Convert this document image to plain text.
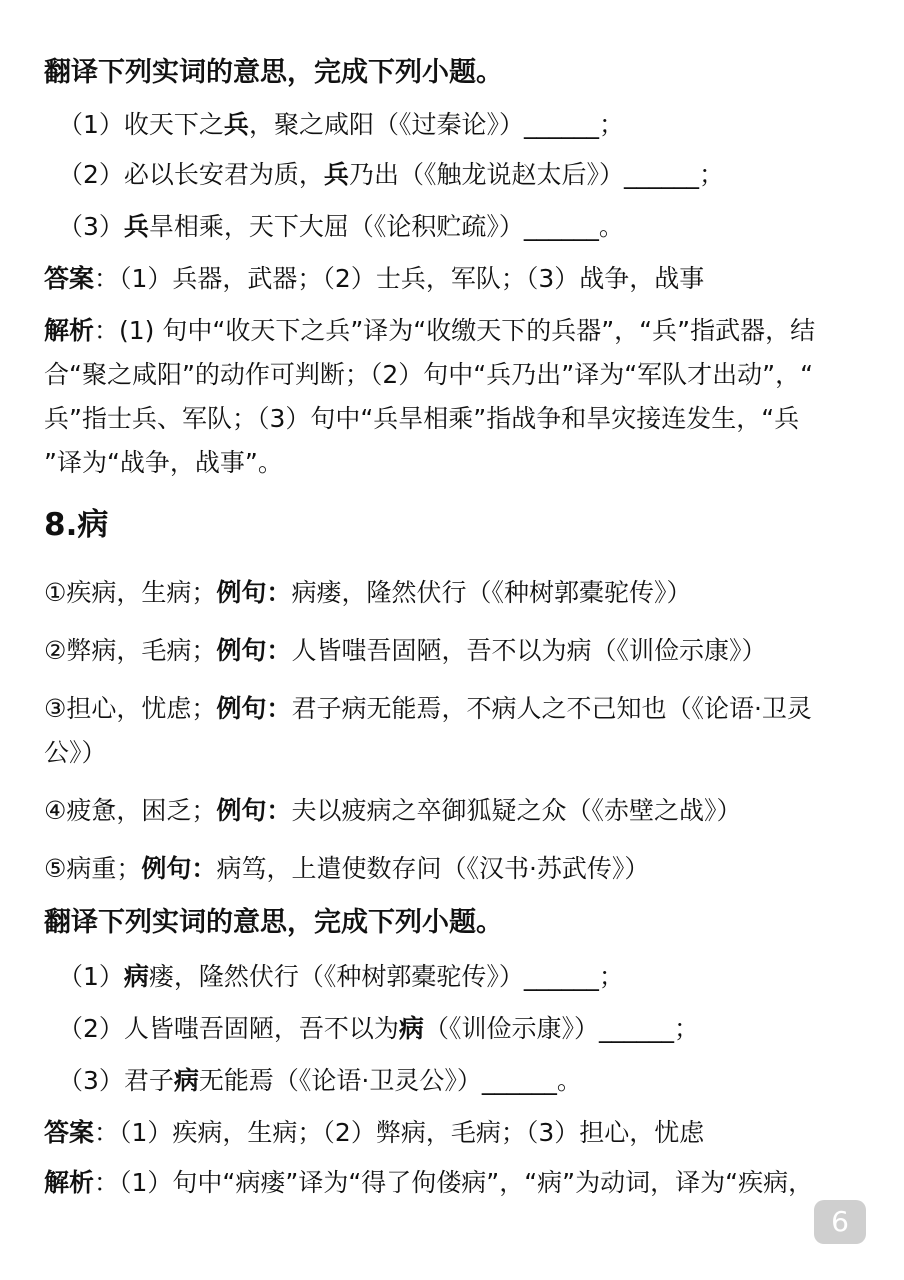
翻译下列实词的意思，完成下列小题。
（1）收天下之兵，聚之咸阳（《过秦论》）______；
（2）必以长安君为质，兵乃出（《触龙说赵太后》）______；
（3）兵旱相乘，天下大屈（《论积贮疏》）______。
答案：（1）兵器，武器；（2）士兵，军队；（3）战争，战事
解析：(1) 句中“收天下之兵”译为“收缴天下的兵器”，“兵”指武器，结
合“聚之咸阳”的动作可判断；（2）句中“兵乃出”译为“军队才出动”，“
兵”指士兵、军队；（3）句中“兵旱相乘”指战争和旱灾接连发生，“兵
”译为“战争，战事”。
8.病
①疾病，生病；例句：病瘘，隆然伏行（《种树郭橐驼传》）
②弊病，毛病；例句：人皆嗤吾固陋，吾不以为病（《训俭示康》）
③担心，忧虑；例句：君子病无能焉，不病人之不己知也（《论语·卫灵
公》）
④疲惫，困乏；例句：夫以疲病之卒御狐疑之众（《赤壁之战》）
⑤病重；例句：病笃，上遣使数存问（《汉书·苏武传》）
翻译下列实词的意思，完成下列小题。
（1）病瘘，隆然伏行（《种树郭橐驼传》）______；
（2）人皆嗤吾固陋，吾不以为病（《训俭示康》）______；
（3）君子病无能焉（《论语·卫灵公》）______。
答案：（1）疾病，生病；（2）弊病，毛病；（3）担心，忧虑
解析：（1）句中“病瘘”译为“得了佝偻病”，“病”为动词，译为“疾病，
6
